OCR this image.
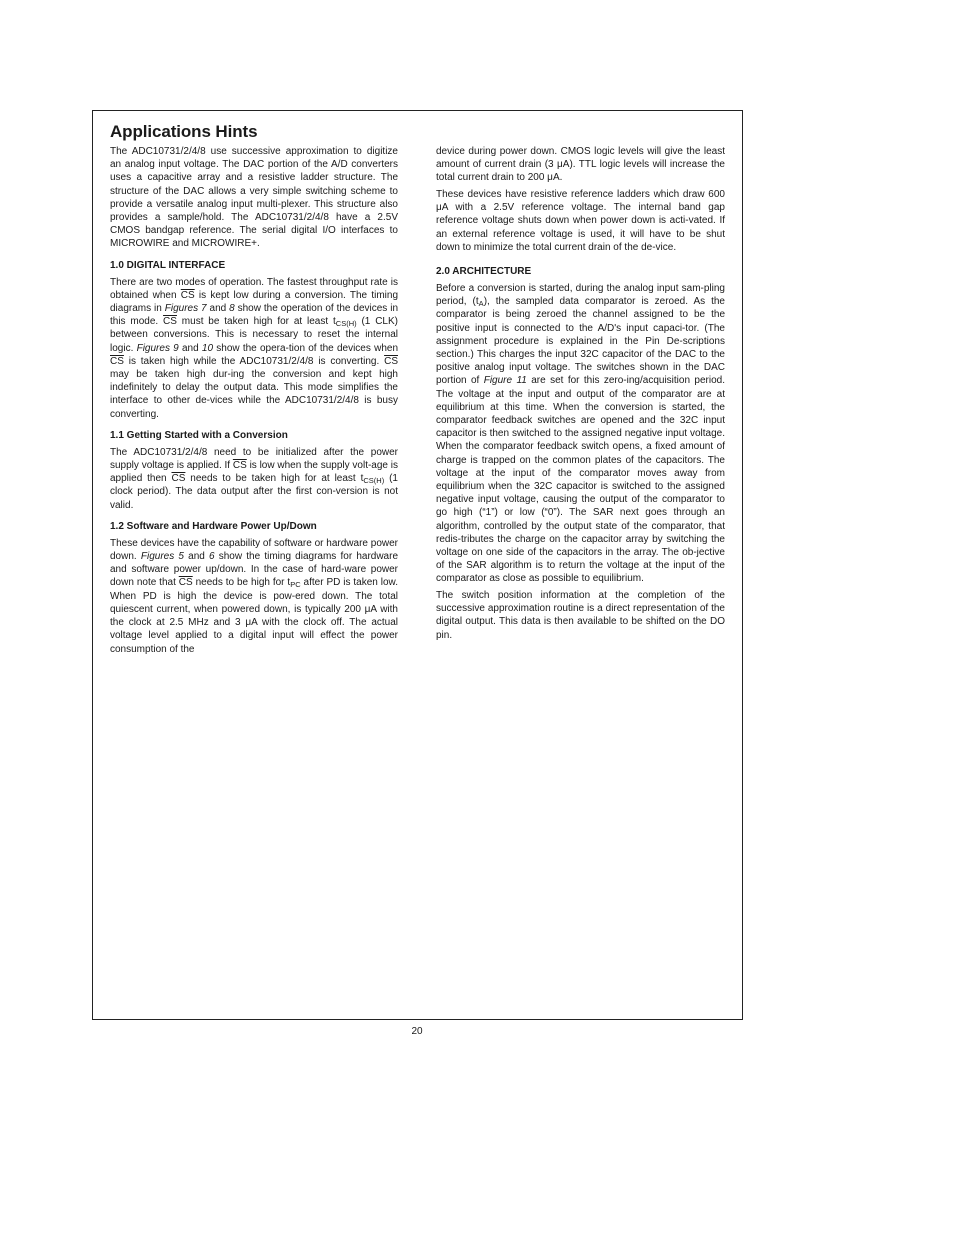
Applications Hints

The ADC10731/2/4/8 use successive approximation to digitize an analog input voltage. The DAC portion of the A/D converters uses a capacitive array and a resistive ladder structure. The structure of the DAC allows a very simple switching scheme to provide a versatile analog input multi-plexer. This structure also provides a sample/hold. The ADC10731/2/4/8 have a 2.5V CMOS bandgap reference. The serial digital I/O interfaces to MICROWIRE and MICROWIRE+.

1.0 DIGITAL INTERFACE

There are two modes of operation. The fastest throughput rate is obtained when $\overline{CS}$ is kept low during a conversion. The timing diagrams in Figures 7 and 8 show the operation of the devices in this mode. $\overline{CS}$ must be taken high for at least $t_{CS(H)}$ (1 CLK) between conversions. This is necessary to reset the internal logic. Figures 9 and 10 show the opera-tion of the devices when $\overline{CS}$ is taken high while the ADC10731/2/4/8 is converting. $\overline{CS}$ may be taken high dur-ing the conversion and kept high indefinitely to delay the output data. This mode simplifies the interface to other de-vices while the ADC10731/2/4/8 is busy converting.

1.1 Getting Started with a Conversion

The ADC10731/2/4/8 need to be initialized after the power supply voltage is applied. If $\overline{CS}$ is low when the supply volt-age is applied then $\overline{CS}$ needs to be taken high for at least $t_{CS(H)}$ (1 clock period). The data output after the first con-version is not valid.

1.2 Software and Hardware Power Up/Down

These devices have the capability of software or hardware power down. Figures 5 and 6 show the timing diagrams for hardware and software power up/down. In the case of hard-ware power down note that $\overline{CS}$ needs to be high for $t_{PC}$ after PD is taken low. When PD is high the device is pow-ered down. The total quiescent current, when powered down, is typically 200 μA with the clock at 2.5 MHz and 3 μA with the clock off. The actual voltage level applied to a digital input will effect the power consumption of the

device during power down. CMOS logic levels will give the least amount of current drain (3 μA). TTL logic levels will increase the total current drain to 200 μA.

These devices have resistive reference ladders which draw 600 μA with a 2.5V reference voltage. The internal band gap reference voltage shuts down when power down is acti-vated. If an external reference voltage is used, it will have to be shut down to minimize the total current drain of the de-vice.

2.0 ARCHITECTURE

Before a conversion is started, during the analog input sam-pling period, $(t_A)$, the sampled data comparator is zeroed. As the comparator is being zeroed the channel assigned to be the positive input is connected to the A/D's input capaci-tor. (The assignment procedure is explained in the Pin De-scriptions section.) This charges the input 32C capacitor of the DAC to the positive analog input voltage. The switches shown in the DAC portion of Figure 11 are set for this zero-ing/acquisition period. The voltage at the input and output of the comparator are at equilibrium at this time. When the conversion is started, the comparator feedback switches are opened and the 32C input capacitor is then switched to the assigned negative input voltage. When the comparator feedback switch opens, a fixed amount of charge is trapped on the common plates of the capacitors. The voltage at the input of the comparator moves away from equilibrium when the 32C capacitor is switched to the assigned negative input voltage, causing the output of the comparator to go high (“1”) or low (“0”). The SAR next goes through an algorithm, controlled by the output state of the comparator, that redis-tributes the charge on the capacitor array by switching the voltage on one side of the capacitors in the array. The ob-jective of the SAR algorithm is to return the voltage at the input of the comparator as close as possible to equilibrium.

The switch position information at the completion of the successive approximation routine is a direct representation of the digital output. This data is then available to be shifted on the DO pin.

20
